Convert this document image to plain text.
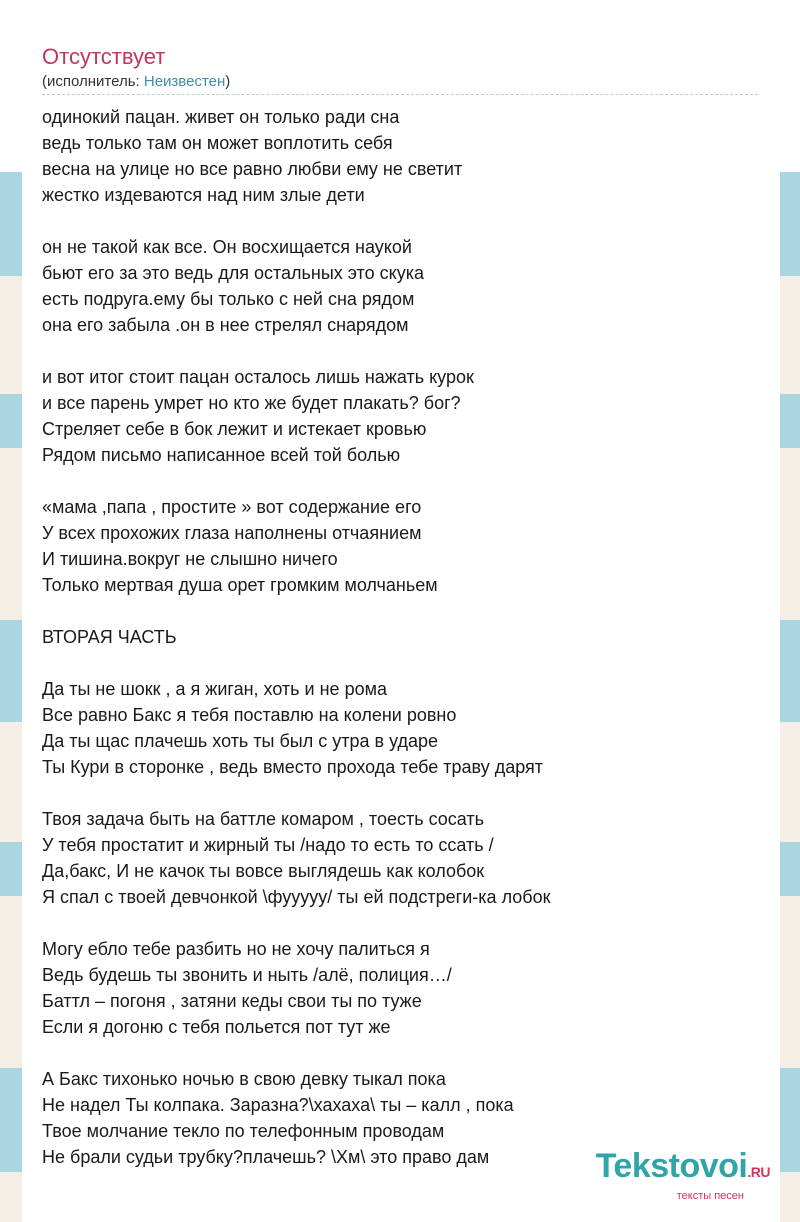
Отсутствует
(исполнитель: Неизвестен)
одинокий пацан. живет он только ради сна
ведь только там он может воплотить себя
весна на улице но все равно любви ему не светит
жестко издеваются над ним злые дети
он не такой как все. Он восхищается наукой
бьют его за это ведь для остальных это скука
есть подруга.ему бы только с ней сна рядом
она его забыла .он в нее стрелял снарядом
и вот итог стоит пацан осталось лишь нажать курок
и все парень умрет но кто же будет плакать? бог?
Стреляет себе в бок лежит и истекает кровью
Рядом письмо написанное всей той болью
«мама ,папа , простите » вот содержание его
У всех прохожих глаза наполнены отчаянием
И тишина.вокруг не слышно ничего
Только мертвая душа орет громким молчаньем
ВТОРАЯ ЧАСТЬ
Да ты не шокк , а я жиган, хоть и не рома
Все равно Бакс я тебя поставлю на колени ровно
Да ты щас плачешь хоть ты был с утра в ударе
Ты Кури в сторонке , ведь вместо прохода тебе траву дарят
Твоя задача быть на баттле комаром , тоесть сосать
У тебя простатит и жирный ты /надо то есть то ссать /
Да,бакс, И не качок ты вовсе выглядешь как колобок
Я спал с твоей девчонкой \фууууу/ ты ей подстреги-ка лобок
Могу ебло тебе разбить но не хочу палиться я
Ведь будешь ты звонить и ныть /алё, полиция…/
Баттл – погоня , затяни кеды свои ты по туже
Если я догоню с тебя польется пот тут же
А Бакс тихонько ночью в свою девку тыкал пока
Не надел Ты колпака. Заразна?\хахаха\ ты – калл , пока
Твое молчание текло по телефонным проводам
Не брали судьи трубку?плачешь? \Хм\ это право дам	Tekstovoi.RU
тексты песен
